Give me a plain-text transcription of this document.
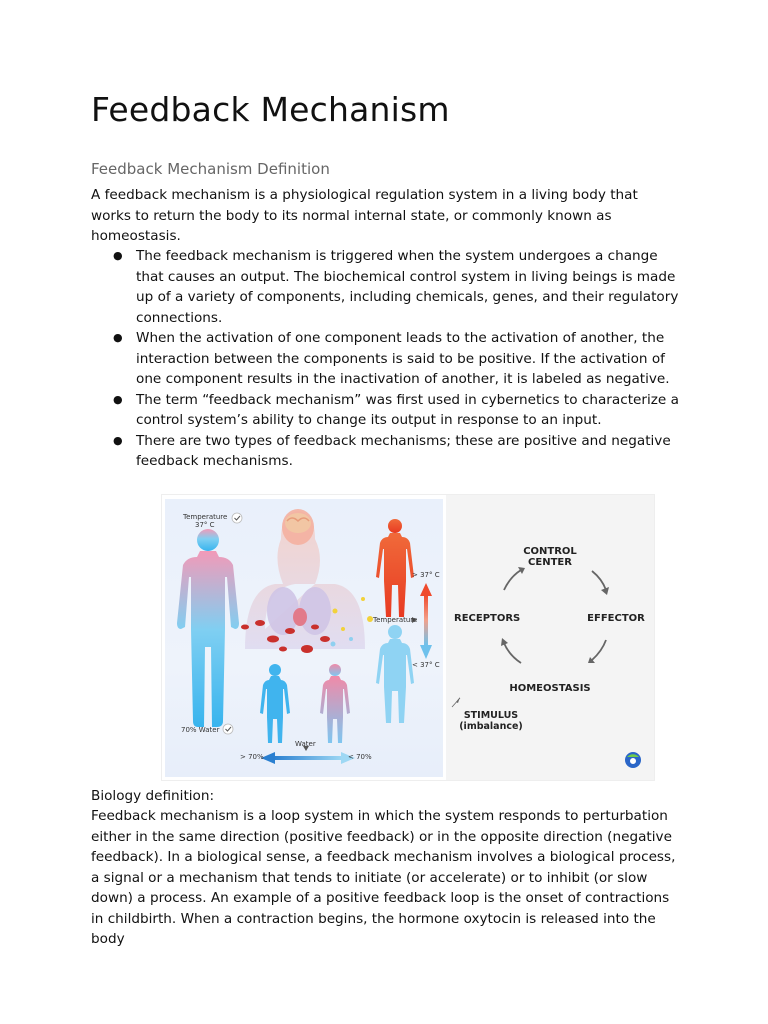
Feedback Mechanism
Feedback Mechanism Definition

A feedback mechanism is a physiological regulation system in a living body that works to return the body to its normal internal state, or commonly known as homeostasis.

● The feedback mechanism is triggered when the system undergoes a change that causes an output. The biochemical control system in living beings is made up of a variety of components, including chemicals, genes, and their regulatory connections.
● When the activation of one component leads to the activation of another, the interaction between the components is said to be positive. If the activation of one component results in the inactivation of another, it is labeled as negative.
● The term “feedback mechanism” was first used in cybernetics to characterize a control system’s ability to change its output in response to an input.
● There are two types of feedback mechanisms; these are positive and negative feedback mechanisms.
Temperature
37° C
70% Water
> 37° C
Temperature
< 37° C
Water
> 70%	< 70%
CONTROL
CENTER
EFFECTOR
HOMEOSTASIS
RECEPTORS
STIMULUS
(imbalance)

Biology definition:

Feedback mechanism is a loop system in which the system responds to perturbation either in the same direction (positive feedback) or in the opposite direction (negative feedback). In a biological sense, a feedback mechanism involves a biological process, a signal or a mechanism that tends to initiate (or accelerate) or to inhibit (or slow down) a process. An example of a positive feedback loop is the onset of contractions in childbirth. When a contraction begins, the hormone oxytocin is released into the body
